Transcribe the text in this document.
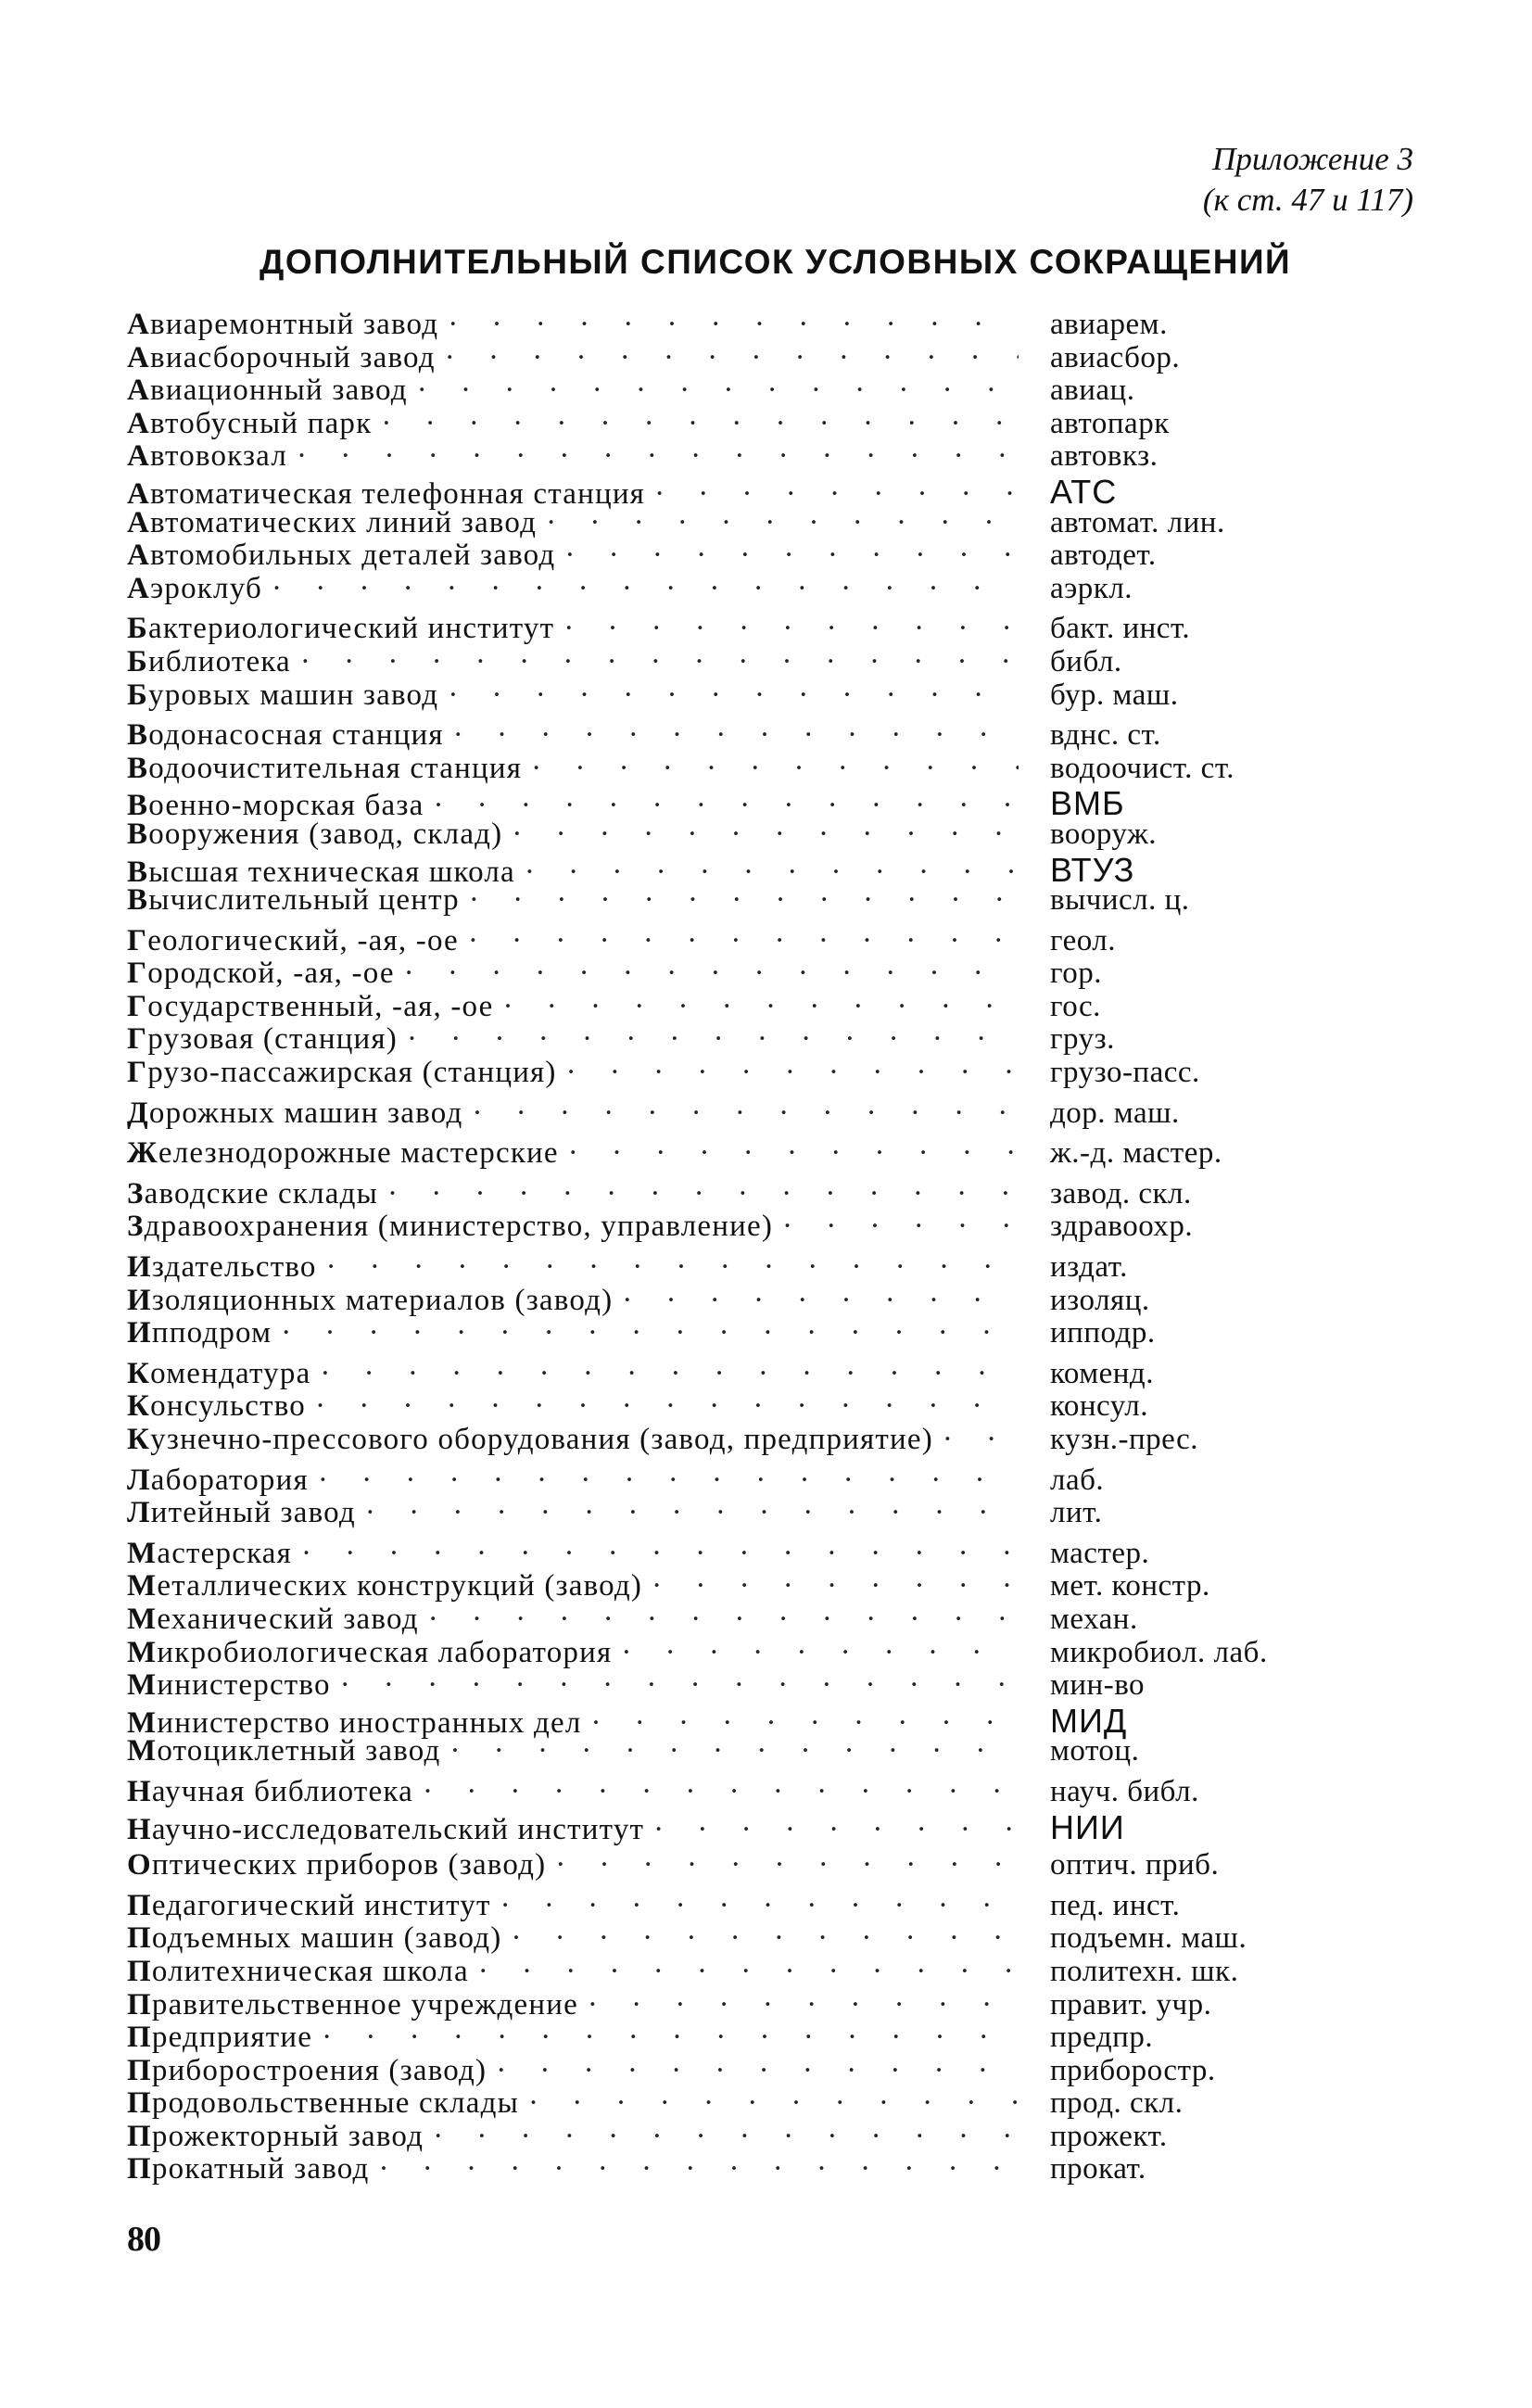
Приложение 3
(к ст. 47 и 117)
ДОПОЛНИТЕЛЬНЫЙ СПИСОК УСЛОВНЫХ СОКРАЩЕНИЙ
Авиаремонтный завод · · ·	авиарем.
Авиасборочный завод · · ·	авиасбор.
Авиационный завод · · ·	авиац.
Автобусный парк · · ·	автопарк
Автовокзал · · ·	автовкз.
Автоматическая телефонная станция · · ·	АТС
Автоматических линий завод · · ·	автомат. лин.
Автомобильных деталей завод · · ·	автодет.
Аэроклуб · · ·	аэркл.
Бактериологический институт · · ·	бакт. инст.
Библиотека · · ·	библ.
Буровых машин завод · · ·	бур. маш.
Водонасосная станция · · ·	вднс. ст.
Водоочистительная станция · · ·	водоочист. ст.
Военно-морская база · · ·	ВМБ
Вооружения (завод, склад) · · ·	вооруж.
Высшая техническая школа · · ·	ВТУЗ
Вычислительный центр · · ·	вычисл. ц.
Геологический, -ая, -ое · · ·	геол.
Городской, -ая, -ое · · ·	гор.
Государственный, -ая, -ое · · ·	гос.
Грузовая (станция) · · ·	груз.
Грузо-пассажирская (станция) · · ·	грузо-пасс.
Дорожных машин завод · · ·	дор. маш.
Железнодорожные мастерские · · ·	ж.-д. мастер.
Заводские склады · · ·	завод. скл.
Здравоохранения (министерство, управление) · · ·	здравоохр.
Издательство · · ·	издат.
Изоляционных материалов (завод) · · ·	изоляц.
Ипподром · · ·	ипподр.
Комендатура · · ·	коменд.
Консульство · · ·	консул.
Кузнечно-прессового оборудования (завод, предприятие) · · ·	кузн.-прес.
Лаборатория · · ·	лаб.
Литейный завод · · ·	лит.
Мастерская · · ·	мастер.
Металлических конструкций (завод) · · ·	мет. констр.
Механический завод · · ·	механ.
Микробиологическая лаборатория · · ·	микробиол. лаб.
Министерство · · ·	мин-во
Министерство иностранных дел · · ·	МИД
Мотоциклетный завод · · ·	мотоц.
Научная библиотека · · ·	науч. библ.
Научно-исследовательский институт · · ·	НИИ
Оптических приборов (завод) · · ·	оптич. приб.
Педагогический институт · · ·	пед. инст.
Подъемных машин (завод) · · ·	подъемн. маш.
Политехническая школа · · ·	политехн. шк.
Правительственное учреждение · · ·	правит. учр.
Предприятие · · ·	предпр.
Приборостроения (завод) · · ·	приборостр.
Продовольственные склады · · ·	прод. скл.
Прожекторный завод · · ·	прожект.
Прокатный завод · · ·	прокат.
80
